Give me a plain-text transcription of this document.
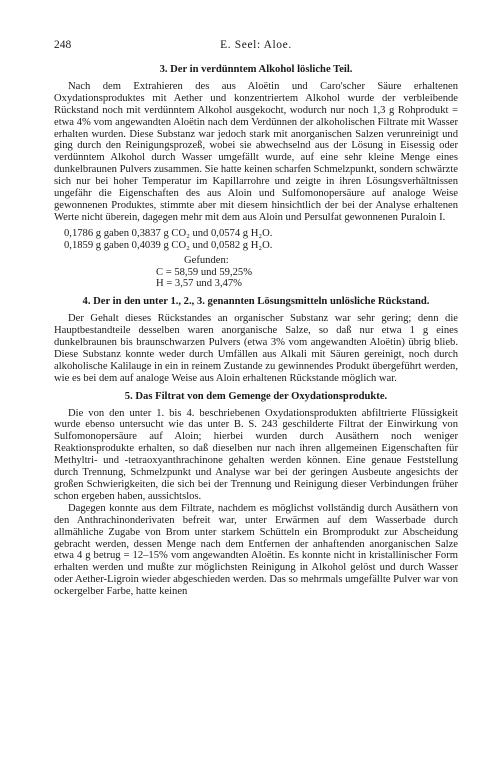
248	E. Seel: Aloe.
3. Der in verdünntem Alkohol lösliche Teil.

Nach dem Extrahieren des aus Aloëtin und Caro'scher Säure erhaltenen Oxydationsproduktes mit Aether und konzentriertem Alkohol wurde der verbleibende Rückstand noch mit verdünntem Alkohol ausgekocht, wodurch nur noch 1,3 g Rohprodukt = etwa 4% vom angewandten Aloëtin nach dem Verdünnen der alkoholischen Filtrate mit Wasser erhalten wurden. Diese Substanz war jedoch stark mit anorganischen Salzen verunreinigt und ging durch den Reinigungsprozeß, wobei sie abwechselnd aus der Lösung in Eisessig oder verdünntem Alkohol durch Wasser umgefällt wurde, auf eine sehr kleine Menge eines dunkelbraunen Pulvers zusammen. Sie hatte keinen scharfen Schmelzpunkt, sondern schwärzte sich nur bei hoher Temperatur im Kapillarrohre und zeigte in ihren Lösungsverhältnissen ungefähr die Eigenschaften des aus Aloin und Sulfomonopersäure auf analoge Weise gewonnenen Produktes, stimmte aber mit diesem hinsichtlich der bei der Analyse erhaltenen Werte nicht überein, dagegen mehr mit dem aus Aloin und Persulfat gewonnenen Puraloin I.

0,1786 g gaben 0,3837 g CO₂ und 0,0574 g H₂O.
0,1859 g gaben 0,4039 g CO₂ und 0,0582 g H₂O.
Gefunden:
C = 58,59 und 59,25%
H = 3,57 und 3,47%
4. Der in den unter 1., 2., 3. genannten Lösungsmitteln unlösliche Rückstand.

Der Gehalt dieses Rückstandes an organischer Substanz war sehr gering; denn die Hauptbestandteile desselben waren anorganische Salze, so daß nur etwa 1 g eines dunkelbraunen bis braunschwarzen Pulvers (etwa 3% vom angewandten Aloëtin) übrig blieb. Diese Substanz konnte weder durch Umfällen aus Alkali mit Säuren gereinigt, noch durch alkoholische Kalilauge in ein in reinem Zustande zu gewinnendes Produkt übergeführt werden, wie es bei dem auf analoge Weise aus Aloin erhaltenen Rückstande möglich war.

5. Das Filtrat von dem Gemenge der Oxydationsprodukte.

Die von den unter 1. bis 4. beschriebenen Oxydationsprodukten abfiltrierte Flüssigkeit wurde ebenso untersucht wie das unter B. S. 243 geschilderte Filtrat der Einwirkung von Sulfomonopersäure auf Aloin; hierbei wurden durch Ausäthern noch weniger Reaktionsprodukte erhalten, so daß dieselben nur nach ihren allgemeinen Eigenschaften für Methyltri- und -tetraoxyanthrachinone gehalten werden können. Eine genaue Feststellung durch Trennung, Schmelzpunkt und Analyse war bei der geringen Ausbeute angesichts der großen Schwierigkeiten, die sich bei der Trennung und Reinigung dieser Verbindungen früher schon ergeben haben, aussichtslos.

Dagegen konnte aus dem Filtrate, nachdem es möglichst vollständig durch Ausäthern von den Anthrachinonderivaten befreit war, unter Erwärmen auf dem Wasserbade durch allmähliche Zugabe von Brom unter starkem Schütteln ein Bromprodukt zur Abscheidung gebracht werden, dessen Menge nach dem Entfernen der anhaftenden anorganischen Salze etwa 4 g betrug = 12–15% vom angewandten Aloëtin. Es konnte nicht in kristallinischer Form erhalten werden und mußte zur möglichsten Reinigung in Alkohol gelöst und durch Wasser oder Aether-Ligroin wieder abgeschieden werden. Das so mehrmals umgefällte Pulver war von ockergelber Farbe, hatte keinen
